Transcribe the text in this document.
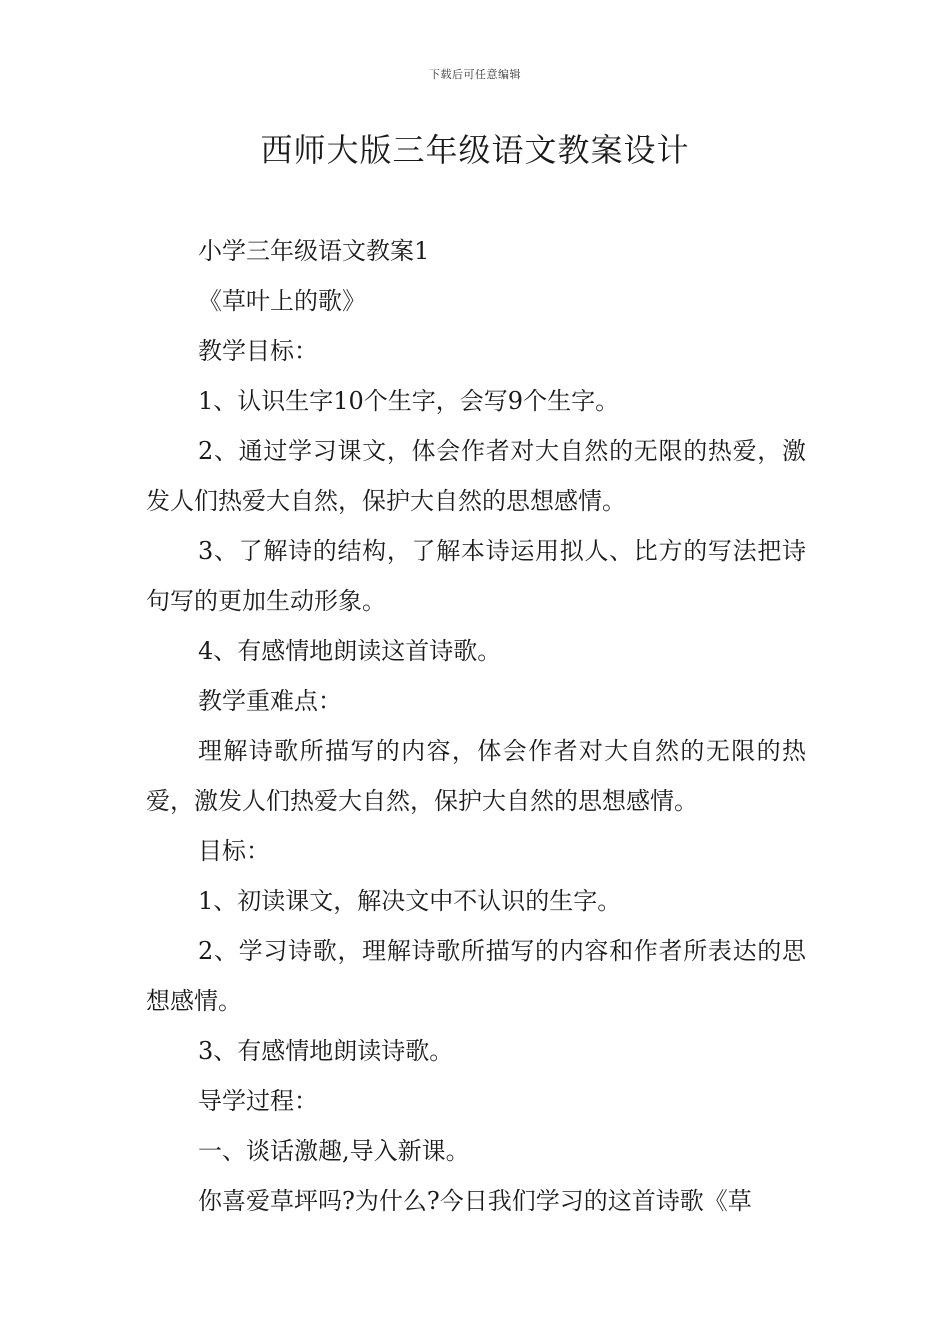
下载后可任意编辑
西师大版三年级语文教案设计

小学三年级语文教案1

《草叶上的歌》

教学目标：

1、认识生字10个生字，会写9个生字。

2、通过学习课文，体会作者对大自然的无限的热爱，激发人们热爱大自然，保护大自然的思想感情。

3、了解诗的结构，了解本诗运用拟人、比方的写法把诗句写的更加生动形象。

4、有感情地朗读这首诗歌。

教学重难点：

理解诗歌所描写的内容，体会作者对大自然的无限的热爱，激发人们热爱大自然，保护大自然的思想感情。

目标：

1、初读课文，解决文中不认识的生字。

2、学习诗歌，理解诗歌所描写的内容和作者所表达的思想感情。

3、有感情地朗读诗歌。

导学过程：

一、谈话激趣,导入新课。

你喜爱草坪吗?为什么?今日我们学习的这首诗歌《草
